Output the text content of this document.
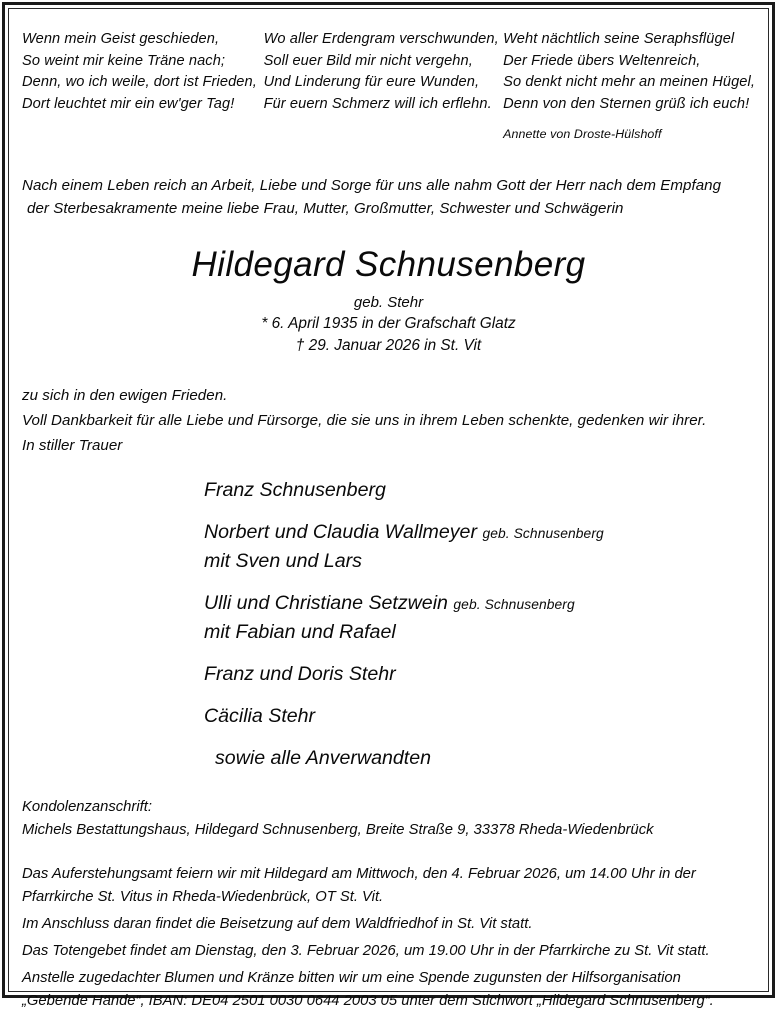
Wenn mein Geist geschieden,
So weint mir keine Träne nach;
Denn, wo ich weile, dort ist Frieden,
Dort leuchtet mir ein ew'ger Tag!
Wo aller Erdengram verschwunden,
Soll euer Bild mir nicht vergehn,
Und Linderung für eure Wunden,
Für euern Schmerz will ich erflehn.
Weht nächtlich seine Seraphsflügel
Der Friede übers Weltenreich,
So denkt nicht mehr an meinen Hügel,
Denn von den Sternen grüß ich euch!
Annette von Droste-Hülshoff
Nach einem Leben reich an Arbeit, Liebe und Sorge für uns alle nahm Gott der Herr nach dem Empfang
der Sterbesakramente meine liebe Frau, Mutter, Großmutter, Schwester und Schwägerin
Hildegard Schnusenberg
geb. Stehr
* 6. April 1935 in der Grafschaft Glatz
† 29. Januar 2026 in St. Vit
zu sich in den ewigen Frieden.
Voll Dankbarkeit für alle Liebe und Fürsorge, die sie uns in ihrem Leben schenkte, gedenken wir ihrer.
In stiller Trauer
Franz Schnusenberg
Norbert und Claudia Wallmeyer geb. Schnusenberg
mit Sven und Lars
Ulli und Christiane Setzwein geb. Schnusenberg
mit Fabian und Rafael
Franz und Doris Stehr
Cäcilia Stehr
sowie alle Anverwandten
Kondolenzanschrift:
Michels Bestattungshaus, Hildegard Schnusenberg, Breite Straße 9, 33378 Rheda-Wiedenbrück

Das Auferstehungsamt feiern wir mit Hildegard am Mittwoch, den 4. Februar 2026, um 14.00 Uhr in der
Pfarrkirche St. Vitus in Rheda-Wiedenbrück, OT St. Vit.

Im Anschluss daran findet die Beisetzung auf dem Waldfriedhof in St. Vit statt.

Das Totengebet findet am Dienstag, den 3. Februar 2026, um 19.00 Uhr in der Pfarrkirche zu St. Vit statt.

Anstelle zugedachter Blumen und Kränze bitten wir um eine Spende zugunsten der Hilfsorganisation
„Gebende Hände“, IBAN: DE04 2501 0030 0644 2003 05 unter dem Stichwort „Hildegard Schnusenberg“.
